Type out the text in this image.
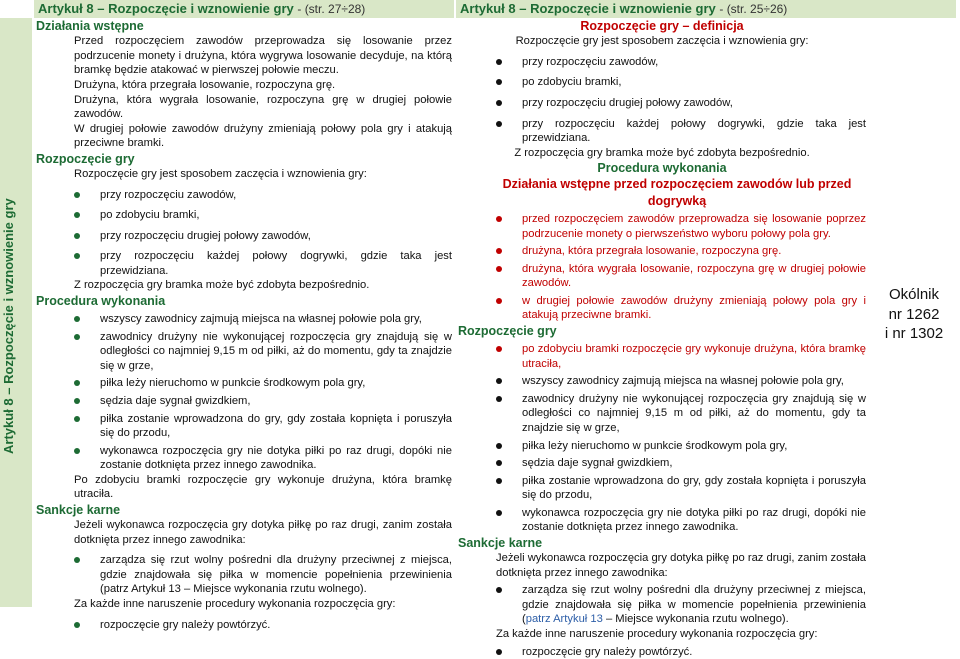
Artykuł 8 – Rozpoczęcie i wznowienie gry - (str. 27÷28)	Artykuł 8 – Rozpoczęcie i wznowienie gry - (str. 25÷26)
Artykuł 8 – Rozpoczęcie i wznowienie gry
Działania wstępne

Przed rozpoczęciem zawodów przeprowadza się losowanie przez podrzucenie monety i drużyna, która wygrywa losowanie decyduje, na którą bramkę będzie atakować w pierwszej połowie meczu.

Drużyna, która przegrała losowanie, rozpoczyna grę.

Drużyna, która wygrała losowanie, rozpoczyna grę w drugiej połowie zawodów.

W drugiej połowie zawodów drużyny zmieniają połowy pola gry i atakują przeciwne bramki.

Rozpoczęcie gry

Rozpoczęcie gry jest sposobem zaczęcia i wznowienia gry:

przy rozpoczęciu zawodów,
po zdobyciu bramki,
przy rozpoczęciu drugiej połowy zawodów,
przy rozpoczęciu każdej połowy dogrywki, gdzie taka jest przewidziana.

Z rozpoczęcia gry bramka może być zdobyta bezpośrednio.

Procedura wykonania
wszyscy zawodnicy zajmują miejsca na własnej połowie pola gry,
zawodnicy drużyny nie wykonującej rozpoczęcia gry znajdują się w odległości co najmniej 9,15 m od piłki, aż do momentu, gdy ta znajdzie się w grze,
piłka leży nieruchomo w punkcie środkowym pola gry,
sędzia daje sygnał gwizdkiem,
piłka zostanie wprowadzona do gry, gdy została kopnięta i poruszyła się do przodu,
wykonawca rozpoczęcia gry nie dotyka piłki po raz drugi, dopóki nie zostanie dotknięta przez innego zawodnika.

Po zdobyciu bramki rozpoczęcie gry wykonuje drużyna, która bramkę utraciła.

Sankcje karne

Jeżeli wykonawca rozpoczęcia gry dotyka piłkę po raz drugi, zanim została dotknięta przez innego zawodnika:

zarządza się rzut wolny pośredni dla drużyny przeciwnej z miejsca, gdzie znajdowała się piłka w momencie popełnienia przewinienia (patrz Artykuł 13 – Miejsce wykonania rzutu wolnego).

Za każde inne naruszenie procedury wykonania rozpoczęcia gry:

rozpoczęcie gry należy powtórzyć.
Rozpoczęcie gry – definicja

Rozpoczęcie gry jest sposobem zaczęcia i wznowienia gry:

przy rozpoczęciu zawodów,
po zdobyciu bramki,
przy rozpoczęciu drugiej połowy zawodów,
przy rozpoczęciu każdej połowy dogrywki, gdzie taka jest przewidziana.

Z rozpoczęcia gry bramka może być zdobyta bezpośrednio.

Procedura wykonania
Działania wstępne przed rozpoczęciem zawodów lub przed dogrywką
przed rozpoczęciem zawodów przeprowadza się losowanie poprzez podrzucenie monety o pierwszeństwo wyboru połowy pola gry.
drużyna, która przegrała losowanie, rozpoczyna grę.
drużyna, która wygrała losowanie, rozpoczyna grę w drugiej połowie zawodów.
w drugiej połowie zawodów drużyny zmieniają połowy pola gry i atakują przeciwne bramki.
Rozpoczęcie gry
po zdobyciu bramki rozpoczęcie gry wykonuje drużyna, która bramkę utraciła,
wszyscy zawodnicy zajmują miejsca na własnej połowie pola gry,
zawodnicy drużyny nie wykonującej rozpoczęcia gry znajdują się w odległości co najmniej 9,15 m od piłki, aż do momentu, gdy ta znajdzie się w grze,
piłka leży nieruchomo w punkcie środkowym pola gry,
sędzia daje sygnał gwizdkiem,
piłka zostanie wprowadzona do gry, gdy została kopnięta i poruszyła się do przodu,
wykonawca rozpoczęcia gry nie dotyka piłki po raz drugi, dopóki nie zostanie dotknięta przez innego zawodnika.
Sankcje karne

Jeżeli wykonawca rozpoczęcia gry dotyka piłkę po raz drugi, zanim została dotknięta przez innego zawodnika:

zarządza się rzut wolny pośredni dla drużyny przeciwnej z miejsca, gdzie znajdowała się piłka w momencie popełnienia przewinienia (patrz Artykuł 13 – Miejsce wykonania rzutu wolnego).

Za każde inne naruszenie procedury wykonania rozpoczęcia gry:

rozpoczęcie gry należy powtórzyć.
Okólnik
nr 1262
i nr 1302
